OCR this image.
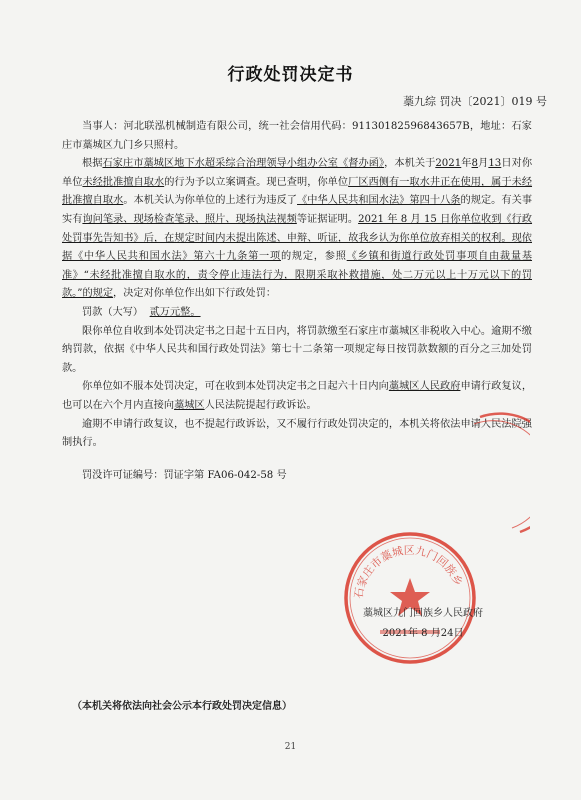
行政处罚决定书
藁九综 罚决〔2021〕019 号

当事人：河北联泓机械制造有限公司，统一社会信用代码：91130182596843657B，地址：石家庄市藁城区九门乡只照村。

根据石家庄市藁城区地下水超采综合治理领导小组办公室《督办函》，本机关于2021年8月13日对你单位未经批准擅自取水的行为予以立案调查。现已查明，你单位厂区西侧有一取水井正在使用，属于未经批准擅自取水。本机关认为你单位的上述行为违反了《中华人民共和国水法》第四十八条的规定。有关事实有询问笔录、现场检查笔录、照片、现场执法视频等证据证明。2021 年 8 月 15 日你单位收到《行政处罚事先告知书》后，在规定时间内未提出陈述、申辩、听证，故我乡认为你单位放弃相关的权利。现依据《中华人民共和国水法》第六十九条第一项的规定，参照《乡镇和街道行政处罚事项自由裁量基准》“未经批准擅自取水的，责令停止违法行为，限期采取补救措施，处二万元以上十万元以下的罚款。”的规定，决定对你单位作出如下行政处罚：

罚款（大写） 贰万元整。

限你单位自收到本处罚决定书之日起十五日内，将罚款缴至石家庄市藁城区非税收入中心。逾期不缴纳罚款，依据《中华人民共和国行政处罚法》第七十二条第一项规定每日按罚款数额的百分之三加处罚款。

你单位如不服本处罚决定，可在收到本处罚决定书之日起六十日内向藁城区人民政府申请行政复议，也可以在六个月内直接向藁城区人民法院提起行政诉讼。

逾期不申请行政复议，也不提起行政诉讼，又不履行行政处罚决定的，本机关将依法申请人民法院强制执行。

罚没许可证编号：罚证字第 FA06-042-58 号

石家庄市藁城区九门回族乡
藁城区九门回族乡人民政府
2021年 8 月24日
（本机关将依法向社会公示本行政处罚决定信息）
21
